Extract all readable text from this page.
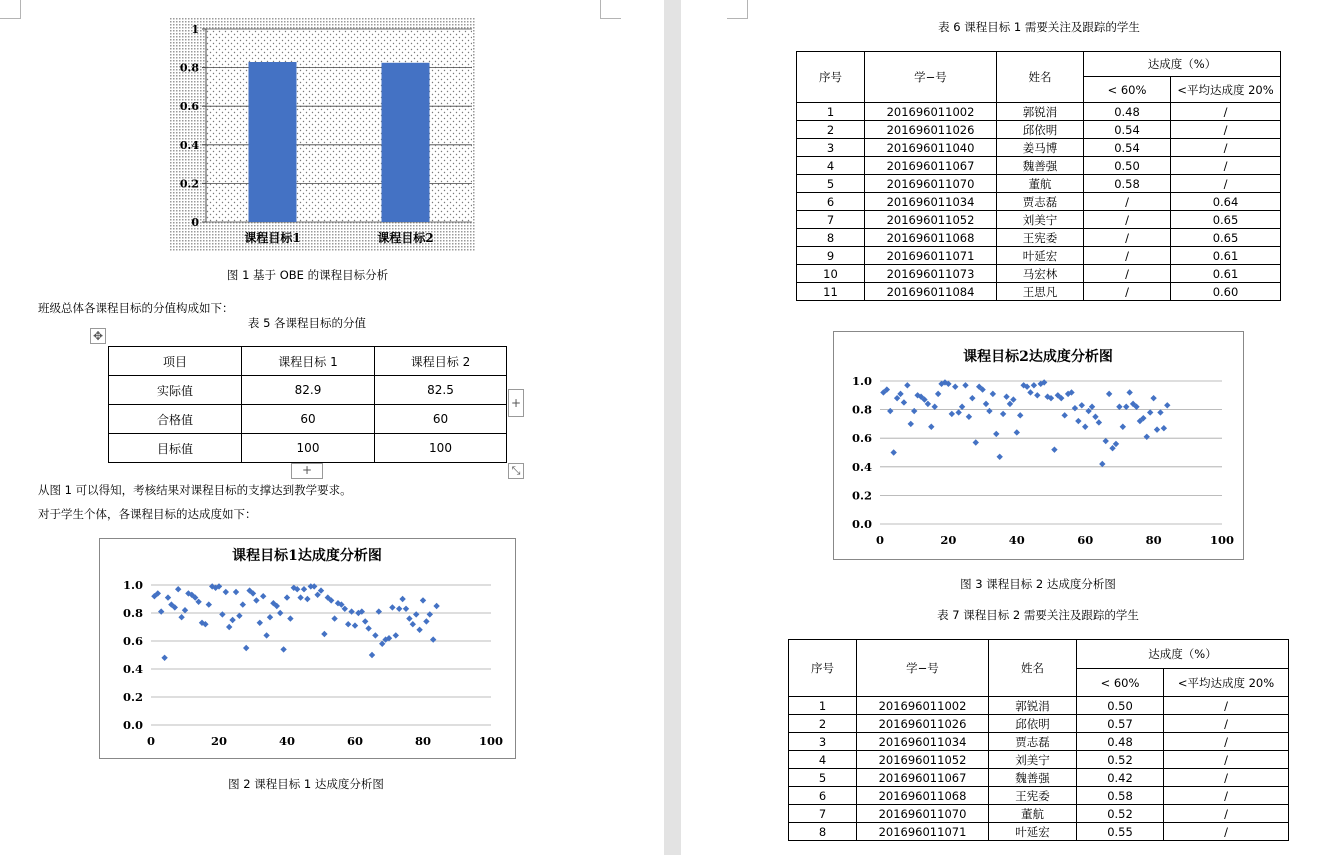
0
0.2
0.4
0.6
0.8
1
课程目标1	课程目标2
图 1 基于 OBE 的课程目标分析
班级总体各课程目标的分值构成如下：
表 5 各课程目标的分值
✥
项目	课程目标 1	课程目标 2
实际值	82.9	82.5
合格值	60	60
目标值	100	100
+
+	⤡
从图 1 可以得知，考核结果对课程目标的支撑达到教学要求。
对于学生个体，各课程目标的达成度如下：
课程目标1达成度分析图
0.0
0.2
0.4
0.6
0.8
1.0
0	20	40	60	80	100
图 2 课程目标 1 达成度分析图
表 6 课程目标 1 需要关注及跟踪的学生
序号	学−号	姓名	达成度（%）	
			< 60%	<平均达成度 20%
1	201696011002	郭锐涓	0.48	/
2	201696011026	邱依明	0.54	/
3	201696011040	姜马博	0.54	/
4	201696011067	魏善强	0.50	/
5	201696011070	董航	0.58	/
6	201696011034	贾志磊	/	0.64
7	201696011052	刘美宁	/	0.65
8	201696011068	王宪委	/	0.65
9	201696011071	叶延宏	/	0.61
10	201696011073	马宏林	/	0.61
11	201696011084	王思凡	/	0.60
课程目标2达成度分析图
0.0
0.2
0.4
0.6
0.8
1.0
0	20	40	60	80	100
图 3 课程目标 2 达成度分析图
表 7 课程目标 2 需要关注及跟踪的学生
序号	学−号	姓名	达成度（%）	
			< 60%	<平均达成度 20%
1	201696011002	郭锐涓	0.50	/
2	201696011026	邱依明	0.57	/
3	201696011034	贾志磊	0.48	/
4	201696011052	刘美宁	0.52	/
5	201696011067	魏善强	0.42	/
6	201696011068	王宪委	0.58	/
7	201696011070	董航	0.52	/
8	201696011071	叶延宏	0.55	/
